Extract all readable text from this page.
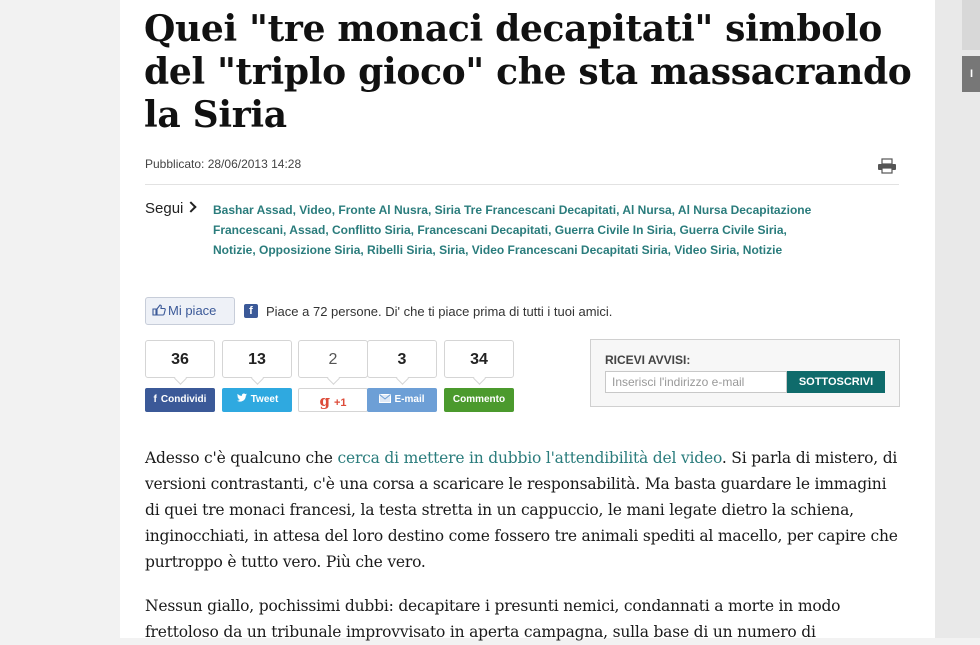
I
Quei "tre monaci decapitati" simbolo del "triplo gioco" che sta massacrando la Siria
Pubblicato: 28/06/2013 14:28
Segui	Bashar Assad, Video, Fronte Al Nusra, Siria Tre Francescani Decapitati, Al Nursa, Al Nursa Decapitazione Francescani, Assad, Conflitto Siria, Francescani Decapitati, Guerra Civile In Siria, Guerra Civile Siria, Notizie, Opposizione Siria, Ribelli Siria, Siria, Video Francescani Decapitati Siria, Video Siria, Notizie
Mi piace	f	Piace a 72 persone. Di' che ti piace prima di tutti i tuoi amici.
36	13	2	3	34
f Condividi	Tweet	g +1	E-mail	Commento
RICEVI AVVISI:
Inserisci l'indirizzo e-mail
SOTTOSCRIVI

Adesso c'è qualcuno che cerca di mettere in dubbio l'attendibilità del video. Si parla di mistero, di versioni contrastanti, c'è una corsa a scaricare le responsabilità. Ma basta guardare le immagini di quei tre monaci francesi, la testa stretta in un cappuccio, le mani legate dietro la schiena, inginocchiati, in attesa del loro destino come fossero tre animali spediti al macello, per capire che purtroppo è tutto vero. Più che vero.

Nessun giallo, pochissimi dubbi: decapitare i presunti nemici, condannati a morte in modo frettoloso da un tribunale improvvisato in aperta campagna, sulla base di un numero di
